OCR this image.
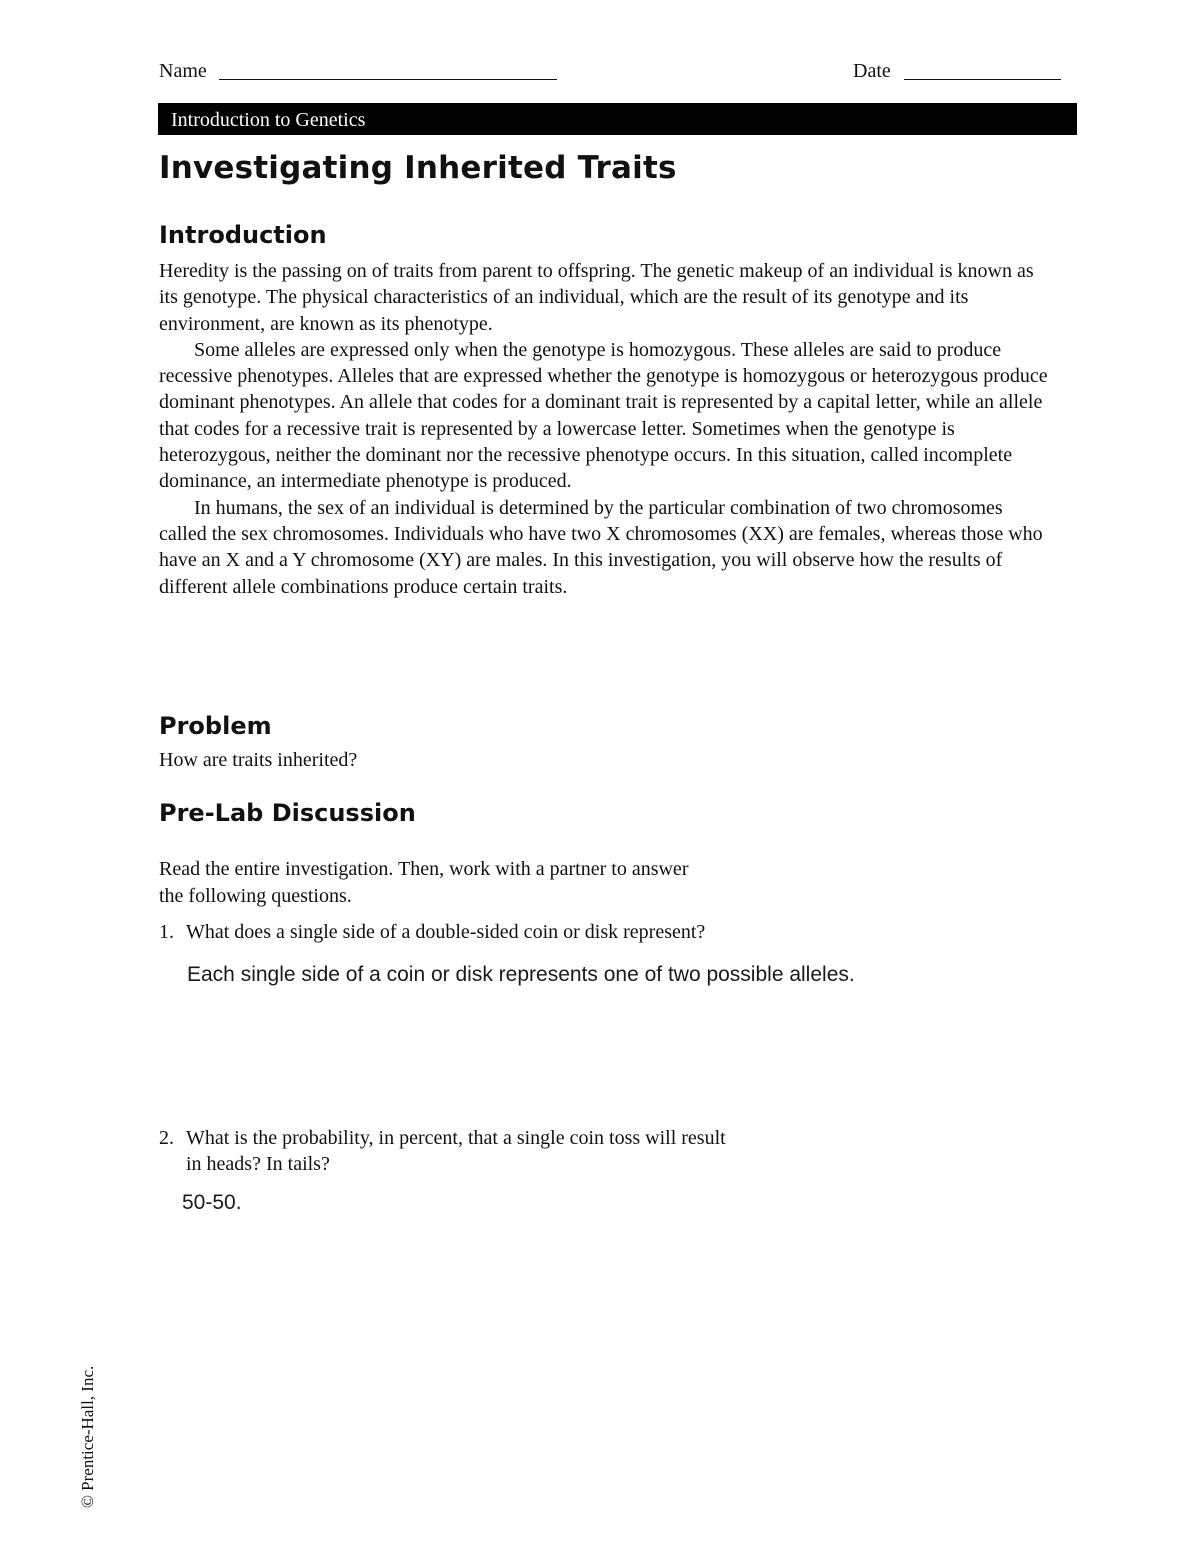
Name	Date
Introduction to Genetics
Investigating Inherited Traits
Introduction

Heredity is the passing on of traits from parent to offspring. The genetic makeup of an individual is known as its genotype. The physical characteristics of an individual, which are the result of its genotype and its environment, are known as its phenotype.

Some alleles are expressed only when the genotype is homozygous. These alleles are said to produce recessive phenotypes. Alleles that are expressed whether the genotype is homozygous or heterozygous produce dominant phenotypes. An allele that codes for a dominant trait is represented by a capital letter, while an allele that codes for a recessive trait is represented by a lowercase letter. Sometimes when the genotype is heterozygous, neither the dominant nor the recessive phenotype occurs. In this situation, called incomplete dominance, an intermediate phenotype is produced.

In humans, the sex of an individual is determined by the particular combination of two chromosomes called the sex chromosomes. Individuals who have two X chromosomes (XX) are females, whereas those who have an X and a Y chromosome (XY) are males. In this investigation, you will observe how the results of different allele combinations produce certain traits.

Problem
How are traits inherited?
Pre-Lab Discussion
Read the entire investigation. Then, work with a partner to answer
the following questions.
1. What does a single side of a double-sided coin or disk represent?
Each single side of a coin or disk represents one of two possible alleles.
2. What is the probability, in percent, that a single coin toss will result
in heads? In tails?
50-50.
© Prentice-Hall, Inc.
